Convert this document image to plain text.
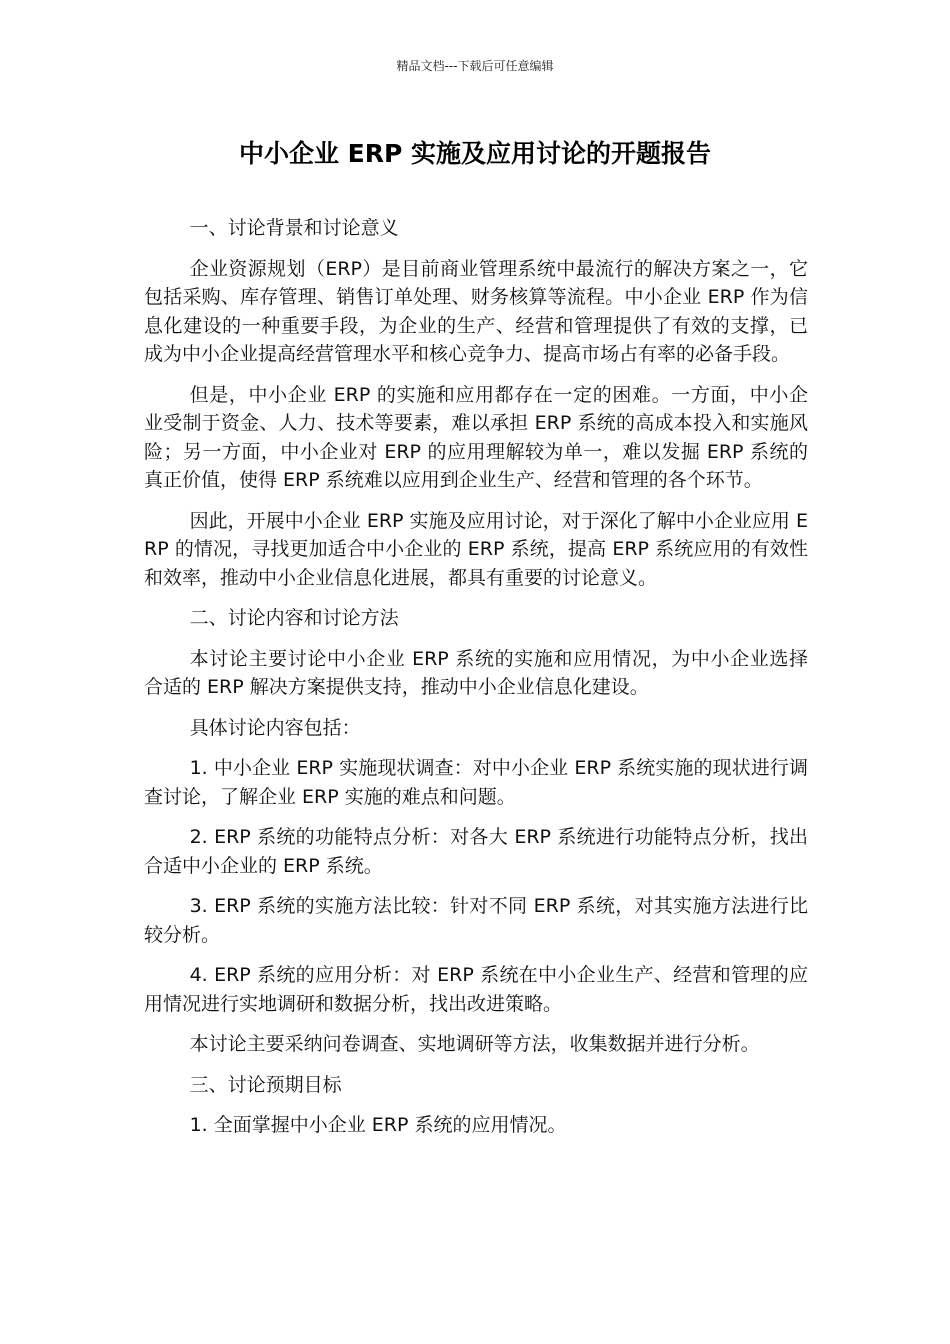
精品文档---下载后可任意编辑
中小企业 ERP 实施及应用讨论的开题报告

一、讨论背景和讨论意义

企业资源规划（ERP）是目前商业管理系统中最流行的解决方案之一，它包括采购、库存管理、销售订单处理、财务核算等流程。中小企业 ERP 作为信息化建设的一种重要手段，为企业的生产、经营和管理提供了有效的支撑，已成为中小企业提高经营管理水平和核心竞争力、提高市场占有率的必备手段。

但是，中小企业 ERP 的实施和应用都存在一定的困难。一方面，中小企业受制于资金、人力、技术等要素，难以承担 ERP 系统的高成本投入和实施风险；另一方面，中小企业对 ERP 的应用理解较为单一，难以发掘 ERP 系统的真正价值，使得 ERP 系统难以应用到企业生产、经营和管理的各个环节。

因此，开展中小企业 ERP 实施及应用讨论，对于深化了解中小企业应用 ERP 的情况，寻找更加适合中小企业的 ERP 系统，提高 ERP 系统应用的有效性和效率，推动中小企业信息化进展，都具有重要的讨论意义。

二、讨论内容和讨论方法

本讨论主要讨论中小企业 ERP 系统的实施和应用情况，为中小企业选择合适的 ERP 解决方案提供支持，推动中小企业信息化建设。

具体讨论内容包括：

1. 中小企业 ERP 实施现状调查：对中小企业 ERP 系统实施的现状进行调查讨论，了解企业 ERP 实施的难点和问题。

2. ERP 系统的功能特点分析：对各大 ERP 系统进行功能特点分析，找出合适中小企业的 ERP 系统。

3. ERP 系统的实施方法比较：针对不同 ERP 系统，对其实施方法进行比较分析。

4. ERP 系统的应用分析：对 ERP 系统在中小企业生产、经营和管理的应用情况进行实地调研和数据分析，找出改进策略。

本讨论主要采纳问卷调查、实地调研等方法，收集数据并进行分析。

三、讨论预期目标

1. 全面掌握中小企业 ERP 系统的应用情况。
